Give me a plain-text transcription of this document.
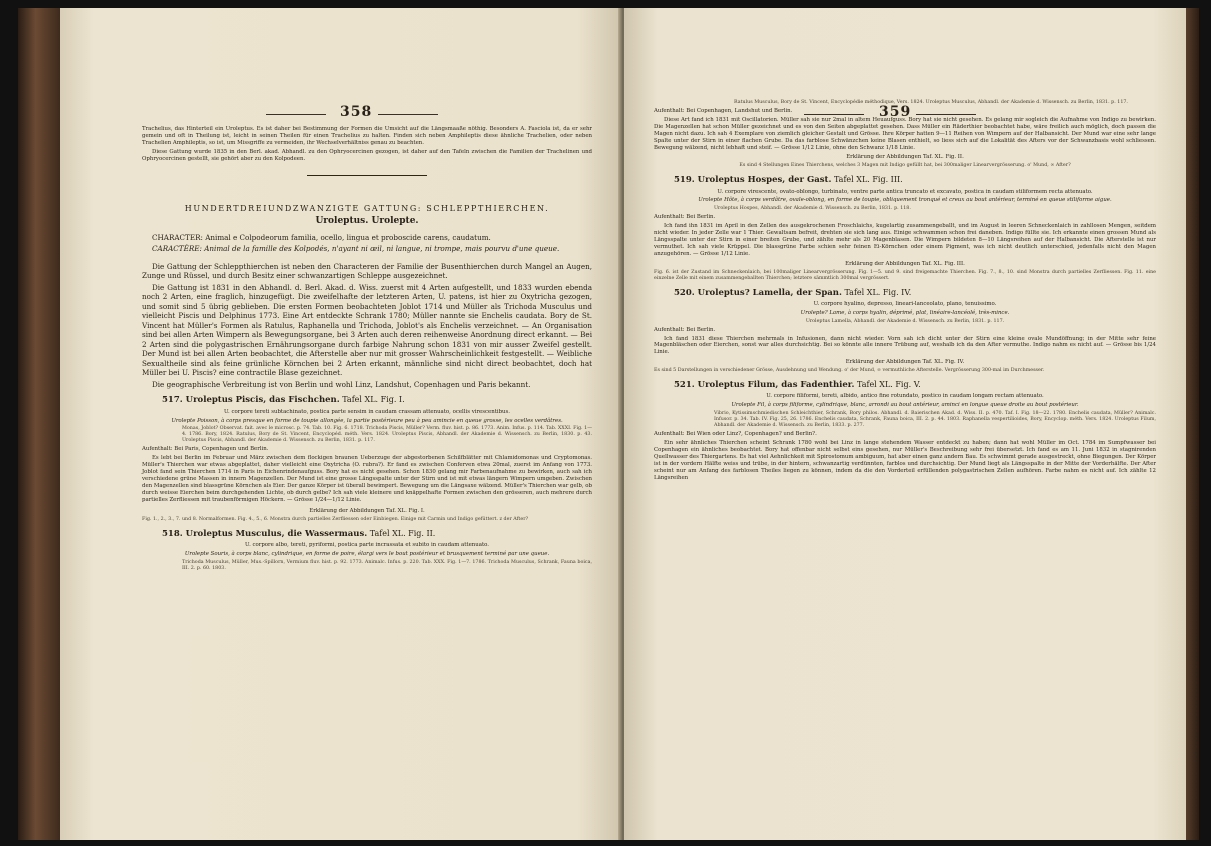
358

Trachelius, das Hinterteil ein Uroleptus. Es ist daher bei Bestimmung der Formen die Umsicht auf die Längsmaaße nöthig. Besonders A. Fasciola ist, da er sehr gemein und oft in Theilung ist, leicht in seinen Theilen für einen Trachelius zu halten. Finden sich neben Amphileptis diese ähnliche Trachelien, oder neben Trachelien Amphileptis, so ist, um Missgriffe zu vermeiden, ihr Wechselverhältniss genau zu beachten.

Diese Gattung wurde 1835 in den Berl. akad. Abhandl. zu den Ophryocercinen gezogen, ist daher auf den Tafeln zwischen die Familien der Trachelinen und Ophryocercinen gestellt, sie gehört aber zu den Kolpodeen.

HUNDERTDREIUNDZWANZIGTE GATTUNG: SCHLEPPTHIERCHEN.

Uroleptus. Urolepte.

CHARACTER: Animal e Colpodeorum familia, ocello, lingua et proboscide carens, caudatum.

CARACTÈRE: Animal de la famille des Kolpodés, n'ayant ni œil, ni langue, ni trompe, mais pourvu d'une queue.

Die Gattung der Schleppthierchen ist neben den Characteren der Familie der Busenthierchen durch Mangel an Augen, Zunge und Rüssel, und durch Besitz einer schwanzartigen Schleppe ausgezeichnet.

Die Gattung ist 1831 in den Abhandl. d. Berl. Akad. d. Wiss. zuerst mit 4 Arten aufgestellt, und 1833 wurden ebenda noch 2 Arten, eine fraglich, hinzugefügt. Die zweifelhafte der letzteren Arten, U. patens, ist hier zu Oxytricha gezogen, und somit sind 5 übrig geblieben. Die ersten Formen beobachteten Joblot 1714 und Müller als Trichoda Musculus und vielleicht Piscis und Delphinus 1773. Eine Art entdeckte Schrank 1780; Müller nannte sie Enchelis caudata. Bory de St. Vincent hat Müller's Formen als Ratulus, Raphanella und Trichoda, Joblot's als Enchelis verzeichnet. — An Organisation sind bei allen Arten Wimpern als Bewegungsorgane, bei 3 Arten auch deren reihenweise Anordnung direct erkannt. — Bei 2 Arten sind die polygastrischen Ernährungsorgane durch farbige Nahrung schon 1831 von mir ausser Zweifel gestellt. Der Mund ist bei allen Arten beobachtet, die Afterstelle aber nur mit grosser Wahrscheinlichkeit festgestellt. — Weibliche Sexualtheile sind als feine grünliche Körnchen bei 2 Arten erkannt, männliche sind nicht direct beobachtet, doch hat Müller bei U. Piscis? eine contractile Blase gezeichnet.

Die geographische Verbreitung ist von Berlin und wohl Linz, Landshut, Copenhagen und Paris bekannt.

517. Uroleptus Piscis, das Fischchen. Tafel XL. Fig. I.

U. corpore tereti subtachinato, postica parte sensim in caudam crassam attenuato, ocellis virescentibus.

Urolepte Poisson, à corps presque en forme de toupie allongée, la partie postérieure peu à peu amincie en queue grosse, les ocelles verdâtres.

Monas, Joblot? Observat. fait. avec le microsc. p. 74. Tab. 10. Fig. 6. 1718. Trichoda Piscis, Müller? Verm. fluv. hist. p. 86. 1773. Anim. Infus. p. 114. Tab. XXXI. Fig. 1—4. 1786. Bory, 1824. Ratulus, Bory de St. Vincent, Encyclopéd. méth. Vers. 1824. Uroleptus Piscis, Abhandl. der Akademie d. Wissensch. zu Berlin, 1830. p. 43. Uroleptus Piscis, Abhandl. der Akademie d. Wissensch. zu Berlin, 1831. p. 117.

Aufenthalt: Bei Paris, Copenhagen und Berlin.

Es lebt bei Berlin im Februar und März zwischen dem flockigen braunen Ueberzuge der abgestorbenen Schilfblätter mit Chlamidomonas und Cryptomonas. Müller's Thierchen war etwas abgeplattet, daher vielleicht eine Oxytricha (O. rubra?). Er fand es zwischen Conferven etwa 20mal, zuerst im Anfang von 1773. Joblot fand sein Thierchen 1714 in Paris in Eichenrindenaufguss. Bory hat es nicht gesehen. Schon 1830 gelang mir Farbenaufnahme zu bewirken, auch sah ich verschiedene grüne Massen in innern Magenzellen. Der Mund ist eine grosse Längsspalte unter der Stirn und ist mit etwas längern Wimpern umgeben. Zwischen den Magenzellen sind blassgrüne Körnchen als Eier. Der ganze Körper ist überall bewimpert. Bewegung um die Längsaxe wälzend. Müller's Thierchen war gelb, ob durch weisse Eierchen beim durchgehenden Lichte, ob durch gelbe? Ich sah viele kleinere und knäppelhafte Formen zwischen den grösseren, auch mehrere durch partielles Zerfliessen mit traubenförmigen Höckern. — Grösse 1/24—1/12 Linie.

Erklärung der Abbildungen Taf. XL. Fig. I.

Fig. 1., 2., 3., 7. und 8. Normalformen. Fig. 4., 5., 6. Monstra durch partielles Zerfliessen oder Einbiegen. Einige mit Carmin und Indigo gefüttert. z der After?

518. Uroleptus Musculus, die Wassermaus. Tafel XL. Fig. II.

U. corpore albo, tereti, pyriformi, postica parte incrassata et subito in caudam attenuato.

Urolepte Souris, à corps blanc, cylindrique, en forme de poire, élargi vers le bout postérieur et brusquement terminé par une queue.

Trichoda Musculus, Müller, Mus.-Spillorn, Vermium fluv. hist. p. 92. 1773. Animalc. Infus. p. 220. Tab. XXX. Fig. 1—7. 1786. Trichoda Musculus, Schrank, Fauna boica, III. 2. p. 60. 1803.

359

Ratulus Musculus, Bory de St. Vincent, Encyclopédie méthodique, Vers. 1824. Uroleptus Musculus, Abhandl. der Akademie d. Wissensch. zu Berlin, 1831. p. 117.

Aufenthalt: Bei Copenhagen, Landshut und Berlin.

Diese Art fand ich 1831 mit Oscillatorien. Müller sah sie nur 2mal in altem Heuaufguss. Bory hat sie nicht gesehen. Es gelang mir sogleich die Aufnahme von Indigo zu bewirken. Die Magenzellen hat schon Müller gezeichnet und es von den Seiten abgeplattet gesehen. Dass Müller ein Räderthier beobachtet habe, wäre freilich auch möglich, doch passen die Magen nicht dazu. Ich sah 4 Exemplare von ziemlich gleicher Gestalt und Grösse. Ihre Körper hatten 9—11 Reihen von Wimpern auf der Halbansicht. Der Mund war eine sehr lange Spalte unter der Stirn in einer flachen Grube. Da das farblose Schwänzchen keine Blasen enthielt, so liess sich auf die Lokalität des Afters vor der Schwanzbasis wohl schliessen. Bewegung wälzend, nicht lebhaft und steif. — Grösse 1/12 Linie, ohne den Schwanz 1/18 Linie.

Erklärung der Abbildungen Taf. XL. Fig. II.

Es sind 4 Stellungen Eines Thierchens, welches 3 Magen mit Indigo gefüllt hat, bei 300maliger Linearvergrösserung. o' Mund, ∞ After?

519. Uroleptus Hospes, der Gast. Tafel XL. Fig. III.

U. corpore virescente, ovato-oblongo, turbinato, ventre parte antica truncato et excavato, postica in caudam stiliformem recta attenuato.

Urolepte Hôte, à corps verdâtre, ovale-oblong, en forme de toupie, obliquement tronqué et creux au bout antérieur, terminé en queue stiliforme aigue.

Uroleptus Hospes, Abhandl. der Akademie d. Wissensch. zu Berlin, 1831. p. 118.

Aufenthalt: Bei Berlin.

Ich fand ihn 1831 im April in den Zellen des ausgekrochenen Froschlaichs, kugelartig zusammengeballt, und im August in leeren Schneckenlaich in zahllosen Mengen, seitdem nicht wieder. In jeder Zelle war 1 Thier. Gewaltsam befreit, drehten sie sich lang aus. Einige schwammen schon frei daneben. Indigo füllte sie. Ich erkannte einen grossen Mund als Längsspalte unter der Stirn in einer breiten Grube, und zählte mehr als 20 Magenblasen. Die Wimpern bildeten 8—10 Längsreihen auf der Halbansicht. Die Afterstelle ist nur vermuthet. Ich sah viele Krüppel. Die blassgrüne Farbe schien sehr feinen Ei-Körnchen oder einem Pigment, was ich nicht deutlich unterschied, jedenfalls nicht den Magen anzugehören. — Grösse 1/12 Linie.

Erklärung der Abbildungen Taf. XL. Fig. III.

Fig. 6. ist der Zustand im Schneckenlaich, bei 100maliger Linearvergrösserung. Fig. 1—5. und 9. sind freigemachte Thierchen. Fig. 7., 8., 10. sind Monstra durch partielles Zerfliessen. Fig. 11. eine einzelne Zelle mit einem zusammengeballten Thierchen; letztere sämmtlich 300mal vergrössert.

520. Uroleptus? Lamella, der Span. Tafel XL. Fig. IV.

U. corpore hyalino, depresso, lineari-lanceolato, plano, tenuissimo.

Urolepte? Lame, à corps hyalin, déprimé, plat, linéaire-lancéolé, très-mince.

Uroleptus Lamella, Abhandl. der Akademie d. Wissensch. zu Berlin, 1831. p. 117.

Aufenthalt: Bei Berlin.

Ich fand 1831 diese Thierchen mehrmals in Infusionen, dann nicht wieder. Vorn sah ich dicht unter der Stirn eine kleine ovale Mundöffnung; in der Mitte sehr feine Magenbläschen oder Eierchen, sonst war alles durchsichtig. Bei so könnte alle innere Trübung auf, weshalb ich da den After vermuthe. Indigo nahm es nicht auf. — Grösse bis 1/24 Linie.

Erklärung der Abbildungen Taf. XL. Fig. IV.

Es sind 5 Darstellungen in verschiedener Grösse, Ausdehnung und Wendung. o' der Mund, ∞ vermuthliche Afterstelle. Vergrösserung 300-mal im Durchmesser.

521. Uroleptus Filum, das Fadenthier. Tafel XL. Fig. V.

U. corpore filiformi, tereti, albido, antico fine rotundato, postico in caudam longam rectam attenuato.

Urolepte Fil, à corps filiforme, cylindrique, blanc, arrondi au bout antérieur, aminci en longue queue droite au bout postérieur.

Vibrio, Kytissimschmiedischen Schleichthier, Schrank, Bory philos. Abhandl. d. Baierischen Akad. d. Wiss. II. p. 470. Taf. I. Fig. 18—22. 1780. Enchelis caudata, Müller? Animalc. Infusor. p. 34. Tab. IV. Fig. 25, 26. 1786. Enchelis caudata, Schrank, Fauna boica, III. 2. p. 44. 1803. Raphanella vespertilioides, Bory, Encyclop. méth. Vers. 1824. Uroleptus Filum, Abhandl. der Akademie d. Wissensch. zu Berlin, 1833. p. 277.

Aufenthalt: Bei Wien oder Linz?, Copenhagen? und Berlin?.

Ein sehr ähnliches Thierchen scheint Schrank 1780 wohl bei Linz in lange stehendem Wasser entdeckt zu haben; dann hat wohl Müller im Oct. 1784 im Sumpfwasser bei Copenhagen ein ähnliches beobachtet. Bory hat offenbar nicht selbst eins gesehen, nur Müller's Beschreibung sehr frei übersetzt. Ich fand es am 11. Juni 1832 in stagnirenden Quellwasser des Thiergartens. Es hat viel Aehnlichkeit mit Spirostomum ambiguum, hat aber einen ganz andern Bau. Es schwimmt gerade ausgestreckt, ohne Biegungen. Der Körper ist in der vordern Hälfte weiss und trübe, in der hintern, schwanzartig verdünnten, farblos und durchsichtig. Der Mund liegt als Längsspalte in der Mitte der Vorderhälfte. Der After scheint nur am Anfang des farblosen Theiles liegen zu können, indem da die den Vorderteil erfüllenden polygastrischen Zellen aufhören. Farbe nahm es nicht auf. Ich zählte 12 Längsreihen
